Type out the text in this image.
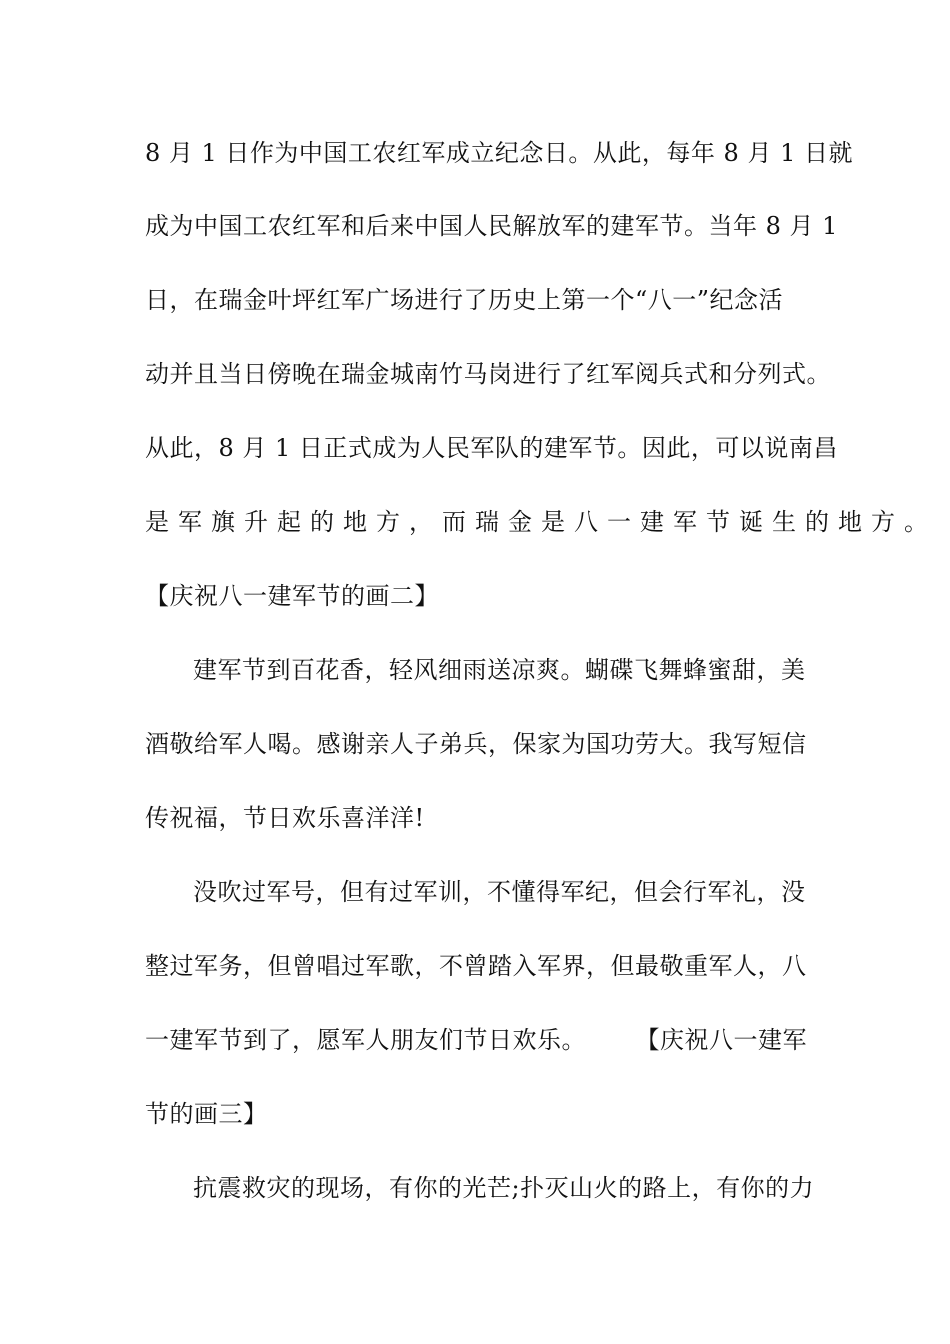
8 月 1 日作为中国工农红军成立纪念日。从此，每年 8 月 1 日就
成为中国工农红军和后来中国人民解放军的建军节。当年 8 月 1
日，在瑞金叶坪红军广场进行了历史上第一个“八一”纪念活
动并且当日傍晚在瑞金城南竹马岗进行了红军阅兵式和分列式。
从此，8 月 1 日正式成为人民军队的建军节。因此，可以说南昌
是军旗升起的地方，而瑞金是八一建军节诞生的地方。
【庆祝八一建军节的画二】
建军节到百花香，轻风细雨送凉爽。蝴碟飞舞蜂蜜甜，美
酒敬给军人喝。感谢亲人子弟兵，保家为国功劳大。我写短信
传祝福，节日欢乐喜洋洋!
没吹过军号，但有过军训，不懂得军纪，但会行军礼，没
整过军务，但曾唱过军歌，不曾踏入军界，但最敬重军人，八
一建军节到了，愿军人朋友们节日欢乐。　　　【庆祝八一建军
节的画三】
抗震救灾的现场，有你的光芒;扑灭山火的路上，有你的力
